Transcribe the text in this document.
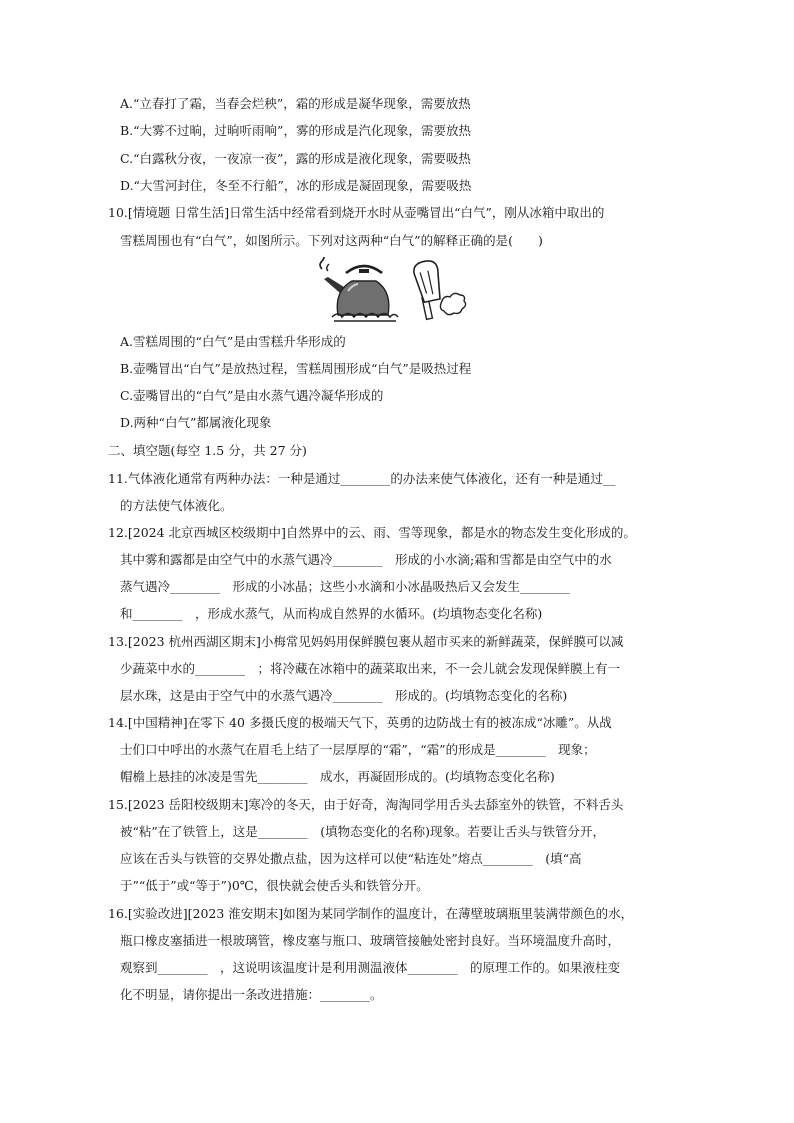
A.“立春打了霜，当春会烂秧”，霜的形成是凝华现象，需要放热
B.“大雾不过晌，过晌听雨响”，雾的形成是汽化现象，需要放热
C.“白露秋分夜，一夜凉一夜”，露的形成是液化现象，需要吸热
D.“大雪河封住，冬至不行船”，冰的形成是凝固现象，需要吸热
10.[情境题 日常生活]日常生活中经常看到烧开水时从壶嘴冒出“白气”，刚从冰箱中取出的
雪糕周围也有“白气”，如图所示。下列对这两种“白气”的解释正确的是(　　)
A.雪糕周围的“白气”是由雪糕升华形成的
B.壶嘴冒出“白气”是放热过程，雪糕周围形成“白气”是吸热过程
C.壶嘴冒出的“白气”是由水蒸气遇冷凝华形成的
D.两种“白气”都属液化现象
二、填空题(每空 1.5 分，共 27 分)
11.气体液化通常有两种办法：一种是通过________的办法来使气体液化，还有一种是通过__
的方法使气体液化。
12.[2024 北京西城区校级期中]自然界中的云、雨、雪等现象，都是水的物态发生变化形成的。
其中雾和露都是由空气中的水蒸气遇冷________　形成的小水滴;霜和雪都是由空气中的水
蒸气遇冷________　形成的小冰晶；这些小水滴和小冰晶吸热后又会发生________
和________　，形成水蒸气，从而构成自然界的水循环。(均填物态变化名称)
13.[2023 杭州西湖区期末]小梅常见妈妈用保鲜膜包裹从超市买来的新鲜蔬菜，保鲜膜可以减
少蔬菜中水的________　；将冷藏在冰箱中的蔬菜取出来，不一会儿就会发现保鲜膜上有一
层水珠，这是由于空气中的水蒸气遇冷________　形成的。(均填物态变化的名称)
14.[中国精神]在零下 40 多摄氏度的极端天气下，英勇的边防战士有的被冻成“冰雕”。从战
士们口中呼出的水蒸气在眉毛上结了一层厚厚的“霜”，“霜”的形成是________　现象；
帽檐上悬挂的冰凌是雪先________　成水，再凝固形成的。(均填物态变化名称)
15.[2023 岳阳校级期末]寒冷的冬天，由于好奇，淘淘同学用舌头去舔室外的铁管，不料舌头
被“粘”在了铁管上，这是________　(填物态变化的名称)现象。若要让舌头与铁管分开，
应该在舌头与铁管的交界处撒点盐，因为这样可以使“粘连处”熔点________　(填“高
于”“低于”或“等于”)0℃，很快就会使舌头和铁管分开。
16.[实验改进][2023 淮安期末]如图为某同学制作的温度计，在薄壁玻璃瓶里装满带颜色的水，
瓶口橡皮塞插进一根玻璃管，橡皮塞与瓶口、玻璃管接触处密封良好。当环境温度升高时，
观察到________　，这说明该温度计是利用测温液体________　的原理工作的。如果液柱变
化不明显，请你提出一条改进措施：________。
